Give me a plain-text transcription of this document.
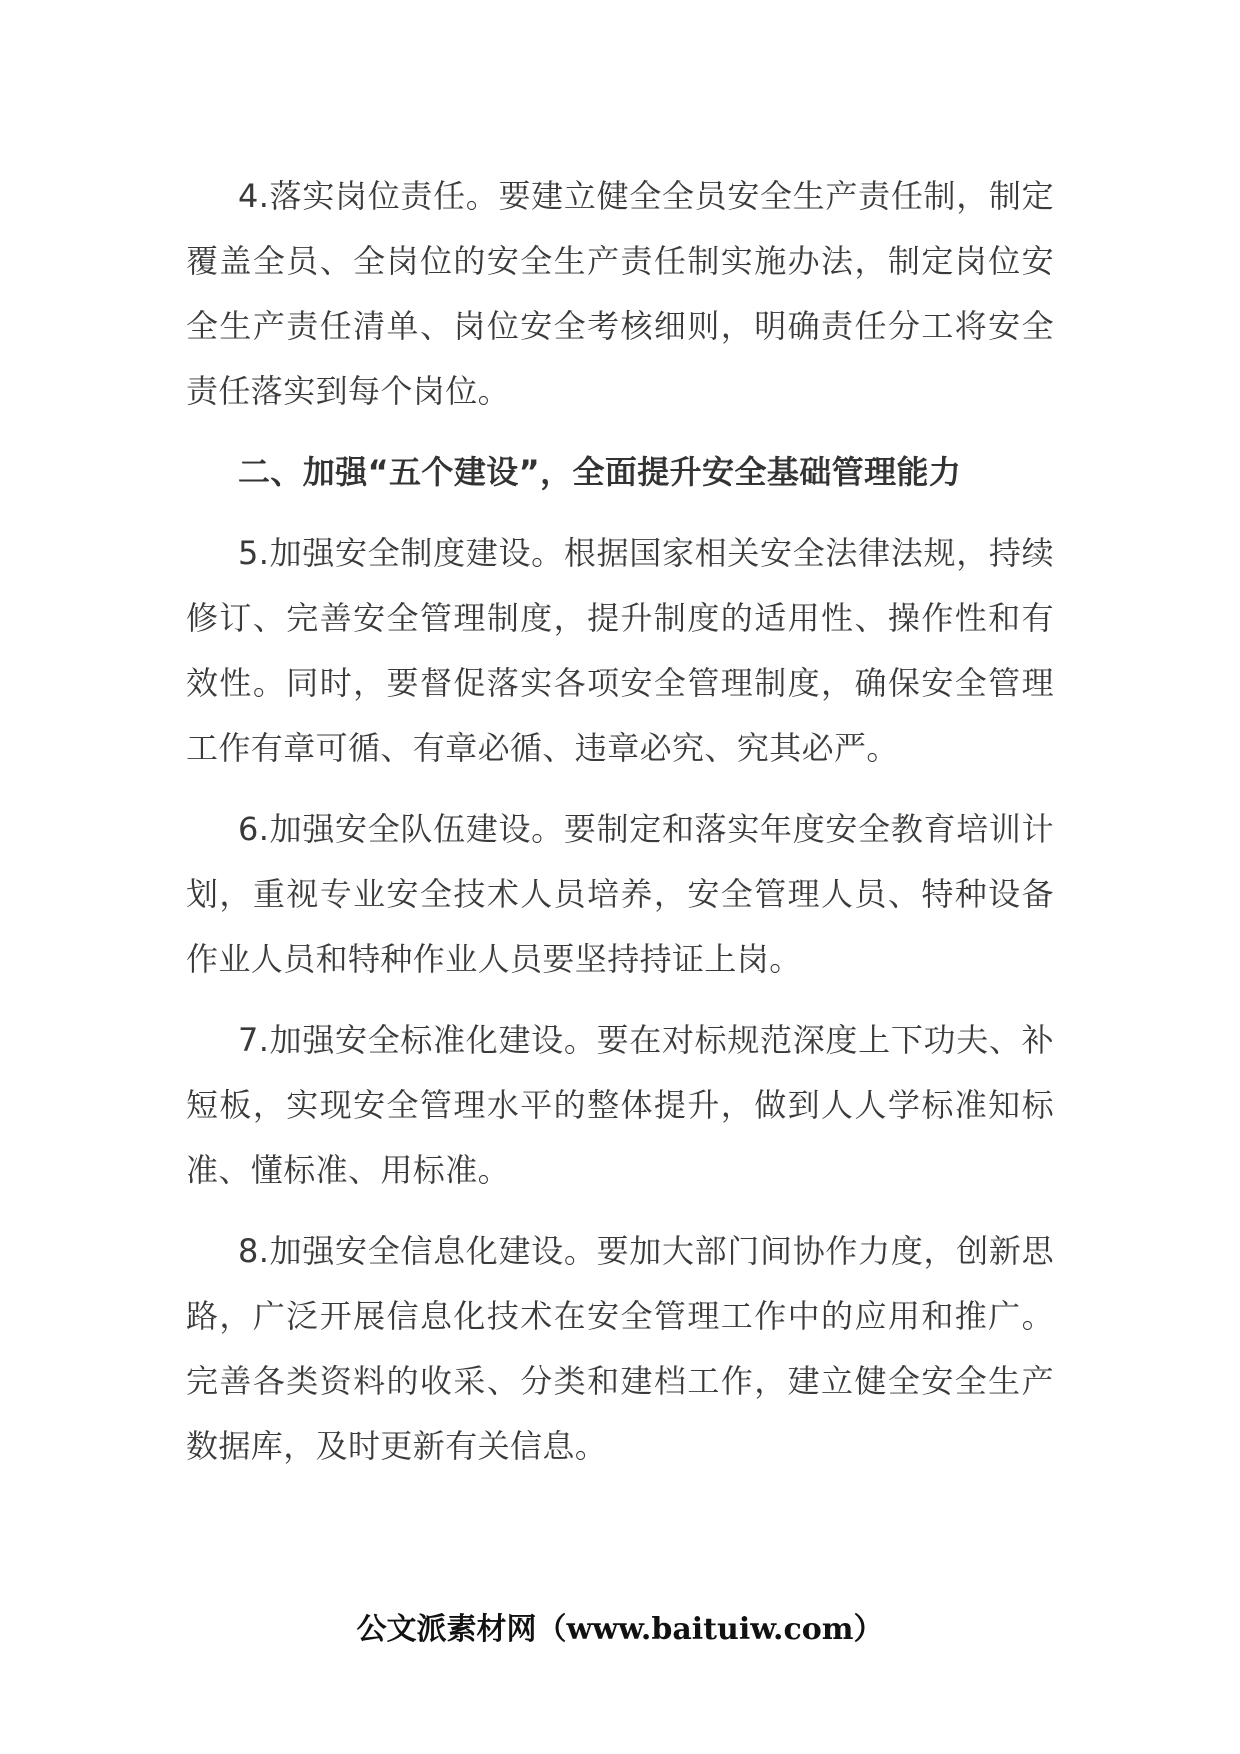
4.落实岗位责任。要建立健全全员安全生产责任制，制定覆盖全员、全岗位的安全生产责任制实施办法，制定岗位安全生产责任清单、岗位安全考核细则，明确责任分工将安全责任落实到每个岗位。

二、加强“五个建设”，全面提升安全基础管理能力

5.加强安全制度建设。根据国家相关安全法律法规，持续修订、完善安全管理制度，提升制度的适用性、操作性和有效性。同时，要督促落实各项安全管理制度，确保安全管理工作有章可循、有章必循、违章必究、究其必严。

6.加强安全队伍建设。要制定和落实年度安全教育培训计划，重视专业安全技术人员培养，安全管理人员、特种设备作业人员和特种作业人员要坚持持证上岗。

7.加强安全标准化建设。要在对标规范深度上下功夫、补短板，实现安全管理水平的整体提升，做到人人学标准知标准、懂标准、用标准。

8.加强安全信息化建设。要加大部门间协作力度，创新思路，广泛开展信息化技术在安全管理工作中的应用和推广。完善各类资料的收采、分类和建档工作，建立健全安全生产数据库，及时更新有关信息。

公文派素材网（www.baituiw.com）
